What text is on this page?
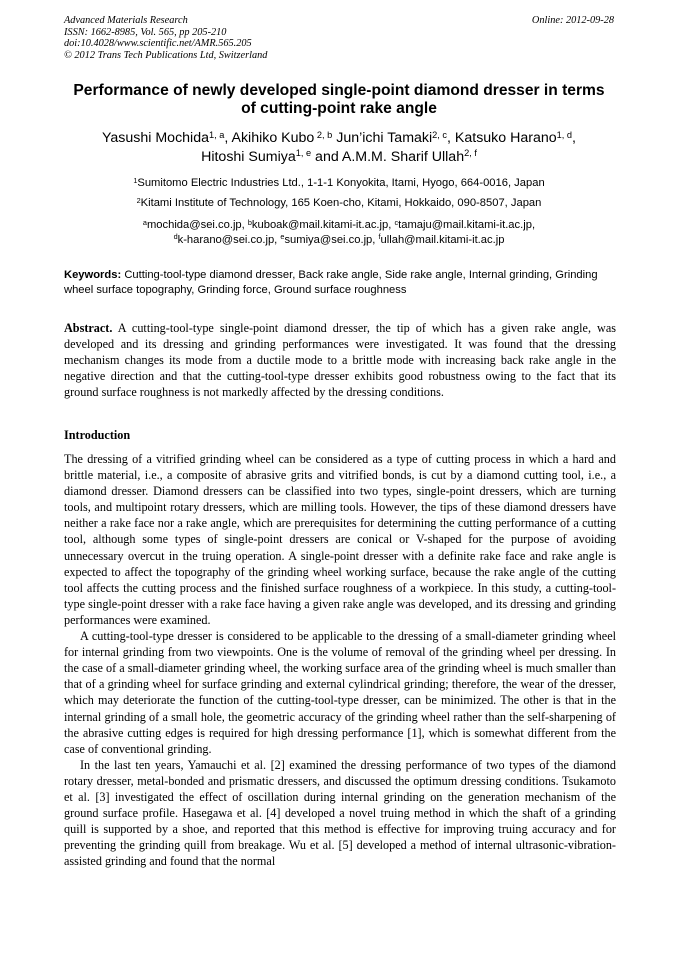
Advanced Materials Research
ISSN: 1662-8985, Vol. 565, pp 205-210
doi:10.4028/www.scientific.net/AMR.565.205
© 2012 Trans Tech Publications Ltd, Switzerland
Online: 2012-09-28
Performance of newly developed single-point diamond dresser in terms
of cutting-point rake angle
Yasushi Mochida$^{1, a}$, Akihiko Kubo $^{2, b}$ Jun’ichi Tamaki$^{2, c}$, Katsuko Harano$^{1, d}$,
Hitoshi Sumiya$^{1, e}$ and A.M.M. Sharif Ullah$^{2, f}$
$^1$Sumitomo Electric Industries Ltd., 1-1-1 Konyokita, Itami, Hyogo, 664-0016, Japan
$^2$Kitami Institute of Technology, 165 Koen-cho, Kitami, Hokkaido, 090-8507, Japan
$^a$mochida@sei.co.jp, $^b$kuboak@mail.kitami-it.ac.jp, $^c$tamaju@mail.kitami-it.ac.jp,
$^d$k-harano@sei.co.jp, $^e$sumiya@sei.co.jp, $^f$ullah@mail.kitami-it.ac.jp
Keywords: Cutting-tool-type diamond dresser, Back rake angle, Side rake angle, Internal grinding, Grinding wheel surface topography, Grinding force, Ground surface roughness

Abstract. A cutting-tool-type single-point diamond dresser, the tip of which has a given rake angle, was developed and its dressing and grinding performances were investigated. It was found that the dressing mechanism changes its mode from a ductile mode to a brittle mode with increasing back rake angle in the negative direction and that the cutting-tool-type dresser exhibits good robustness owing to the fact that its ground surface roughness is not markedly affected by the dressing conditions.

Introduction

The dressing of a vitrified grinding wheel can be considered as a type of cutting process in which a hard and brittle material, i.e., a composite of abrasive grits and vitrified bonds, is cut by a diamond cutting tool, i.e., a diamond dresser. Diamond dressers can be classified into two types, single-point dressers, which are turning tools, and multipoint rotary dressers, which are milling tools. However, the tips of these diamond dressers have neither a rake face nor a rake angle, which are prerequisites for determining the cutting performance of a cutting tool, although some types of single-point dressers are conical or V-shaped for the purpose of avoiding unnecessary overcut in the truing operation. A single-point dresser with a definite rake face and rake angle is expected to affect the topography of the grinding wheel working surface, because the rake angle of the cutting tool affects the cutting process and the finished surface roughness of a workpiece. In this study, a cutting-tool-type single-point dresser with a rake face having a given rake angle was developed, and its dressing and grinding performances were examined.

A cutting-tool-type dresser is considered to be applicable to the dressing of a small-diameter grinding wheel for internal grinding from two viewpoints. One is the volume of removal of the grinding wheel per dressing. In the case of a small-diameter grinding wheel, the working surface area of the grinding wheel is much smaller than that of a grinding wheel for surface grinding and external cylindrical grinding; therefore, the wear of the dresser, which may deteriorate the function of the cutting-tool-type dresser, can be minimized. The other is that in the internal grinding of a small hole, the geometric accuracy of the grinding wheel rather than the self-sharpening of the abrasive cutting edges is required for high dressing performance [1], which is somewhat different from the case of conventional grinding.

In the last ten years, Yamauchi et al. [2] examined the dressing performance of two types of the diamond rotary dresser, metal-bonded and prismatic dressers, and discussed the optimum dressing conditions. Tsukamoto et al. [3] investigated the effect of oscillation during internal grinding on the generation mechanism of the ground surface profile. Hasegawa et al. [4] developed a novel truing method in which the shaft of a grinding quill is supported by a shoe, and reported that this method is effective for improving truing accuracy and for preventing the grinding quill from breakage. Wu et al. [5] developed a method of internal ultrasonic-vibration-assisted grinding and found that the normal
